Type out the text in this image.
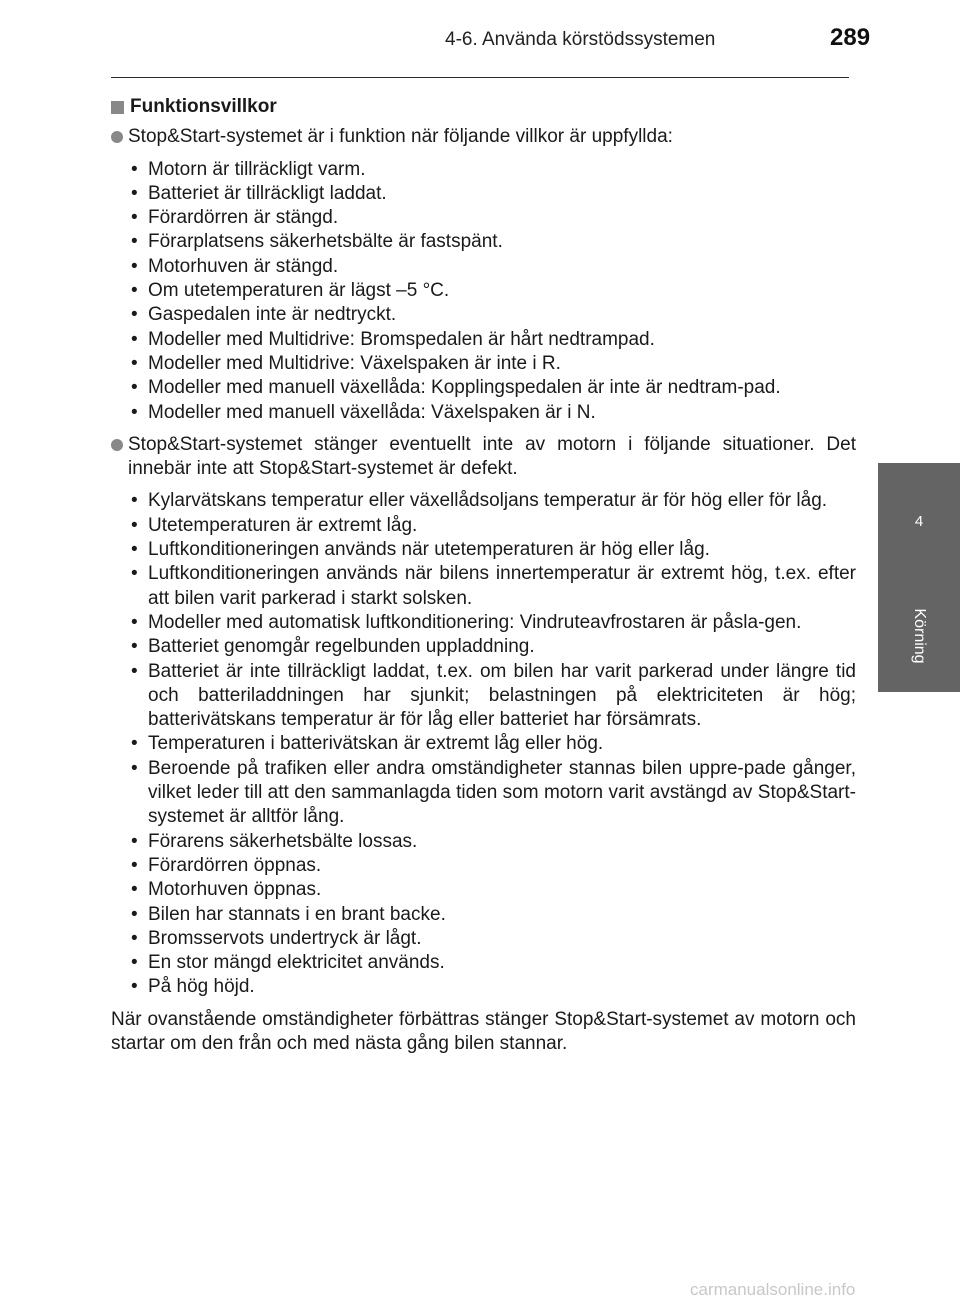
4-6. Använda körstödssystemen	289
4
Körning
Funktionsvillkor
Stop&Start-systemet är i funktion när följande villkor är uppfyllda:
• Motorn är tillräckligt varm.
• Batteriet är tillräckligt laddat.
• Förardörren är stängd.
• Förarplatsens säkerhetsbälte är fastspänt.
• Motorhuven är stängd.
• Om utetemperaturen är lägst –5 °C.
• Gaspedalen inte är nedtryckt.
• Modeller med Multidrive: Bromspedalen är hårt nedtrampad.
• Modeller med Multidrive: Växelspaken är inte i R.
• Modeller med manuell växellåda: Kopplingspedalen är inte är nedtram-pad.
• Modeller med manuell växellåda: Växelspaken är i N.
Stop&Start-systemet stänger eventuellt inte av motorn i följande situationer. Det innebär inte att Stop&Start-systemet är defekt.
• Kylarvätskans temperatur eller växellådsoljans temperatur är för hög eller för låg.
• Utetemperaturen är extremt låg.
• Luftkonditioneringen används när utetemperaturen är hög eller låg.
• Luftkonditioneringen används när bilens innertemperatur är extremt hög, t.ex. efter att bilen varit parkerad i starkt solsken.
• Modeller med automatisk luftkonditionering: Vindruteavfrostaren är påsla-gen.
• Batteriet genomgår regelbunden uppladdning.
• Batteriet är inte tillräckligt laddat, t.ex. om bilen har varit parkerad under längre tid och batteriladdningen har sjunkit; belastningen på elektriciteten är hög; batterivätskans temperatur är för låg eller batteriet har försämrats.
• Temperaturen i batterivätskan är extremt låg eller hög.
• Beroende på trafiken eller andra omständigheter stannas bilen uppre-pade gånger, vilket leder till att den sammanlagda tiden som motorn varit avstängd av Stop&Start-systemet är alltför lång.
• Förarens säkerhetsbälte lossas.
• Förardörren öppnas.
• Motorhuven öppnas.
• Bilen har stannats i en brant backe.
• Bromsservots undertryck är lågt.
• En stor mängd elektricitet används.
• På hög höjd.
När ovanstående omständigheter förbättras stänger Stop&Start-systemet av motorn och startar om den från och med nästa gång bilen stannar.
carmanualsonline.info
